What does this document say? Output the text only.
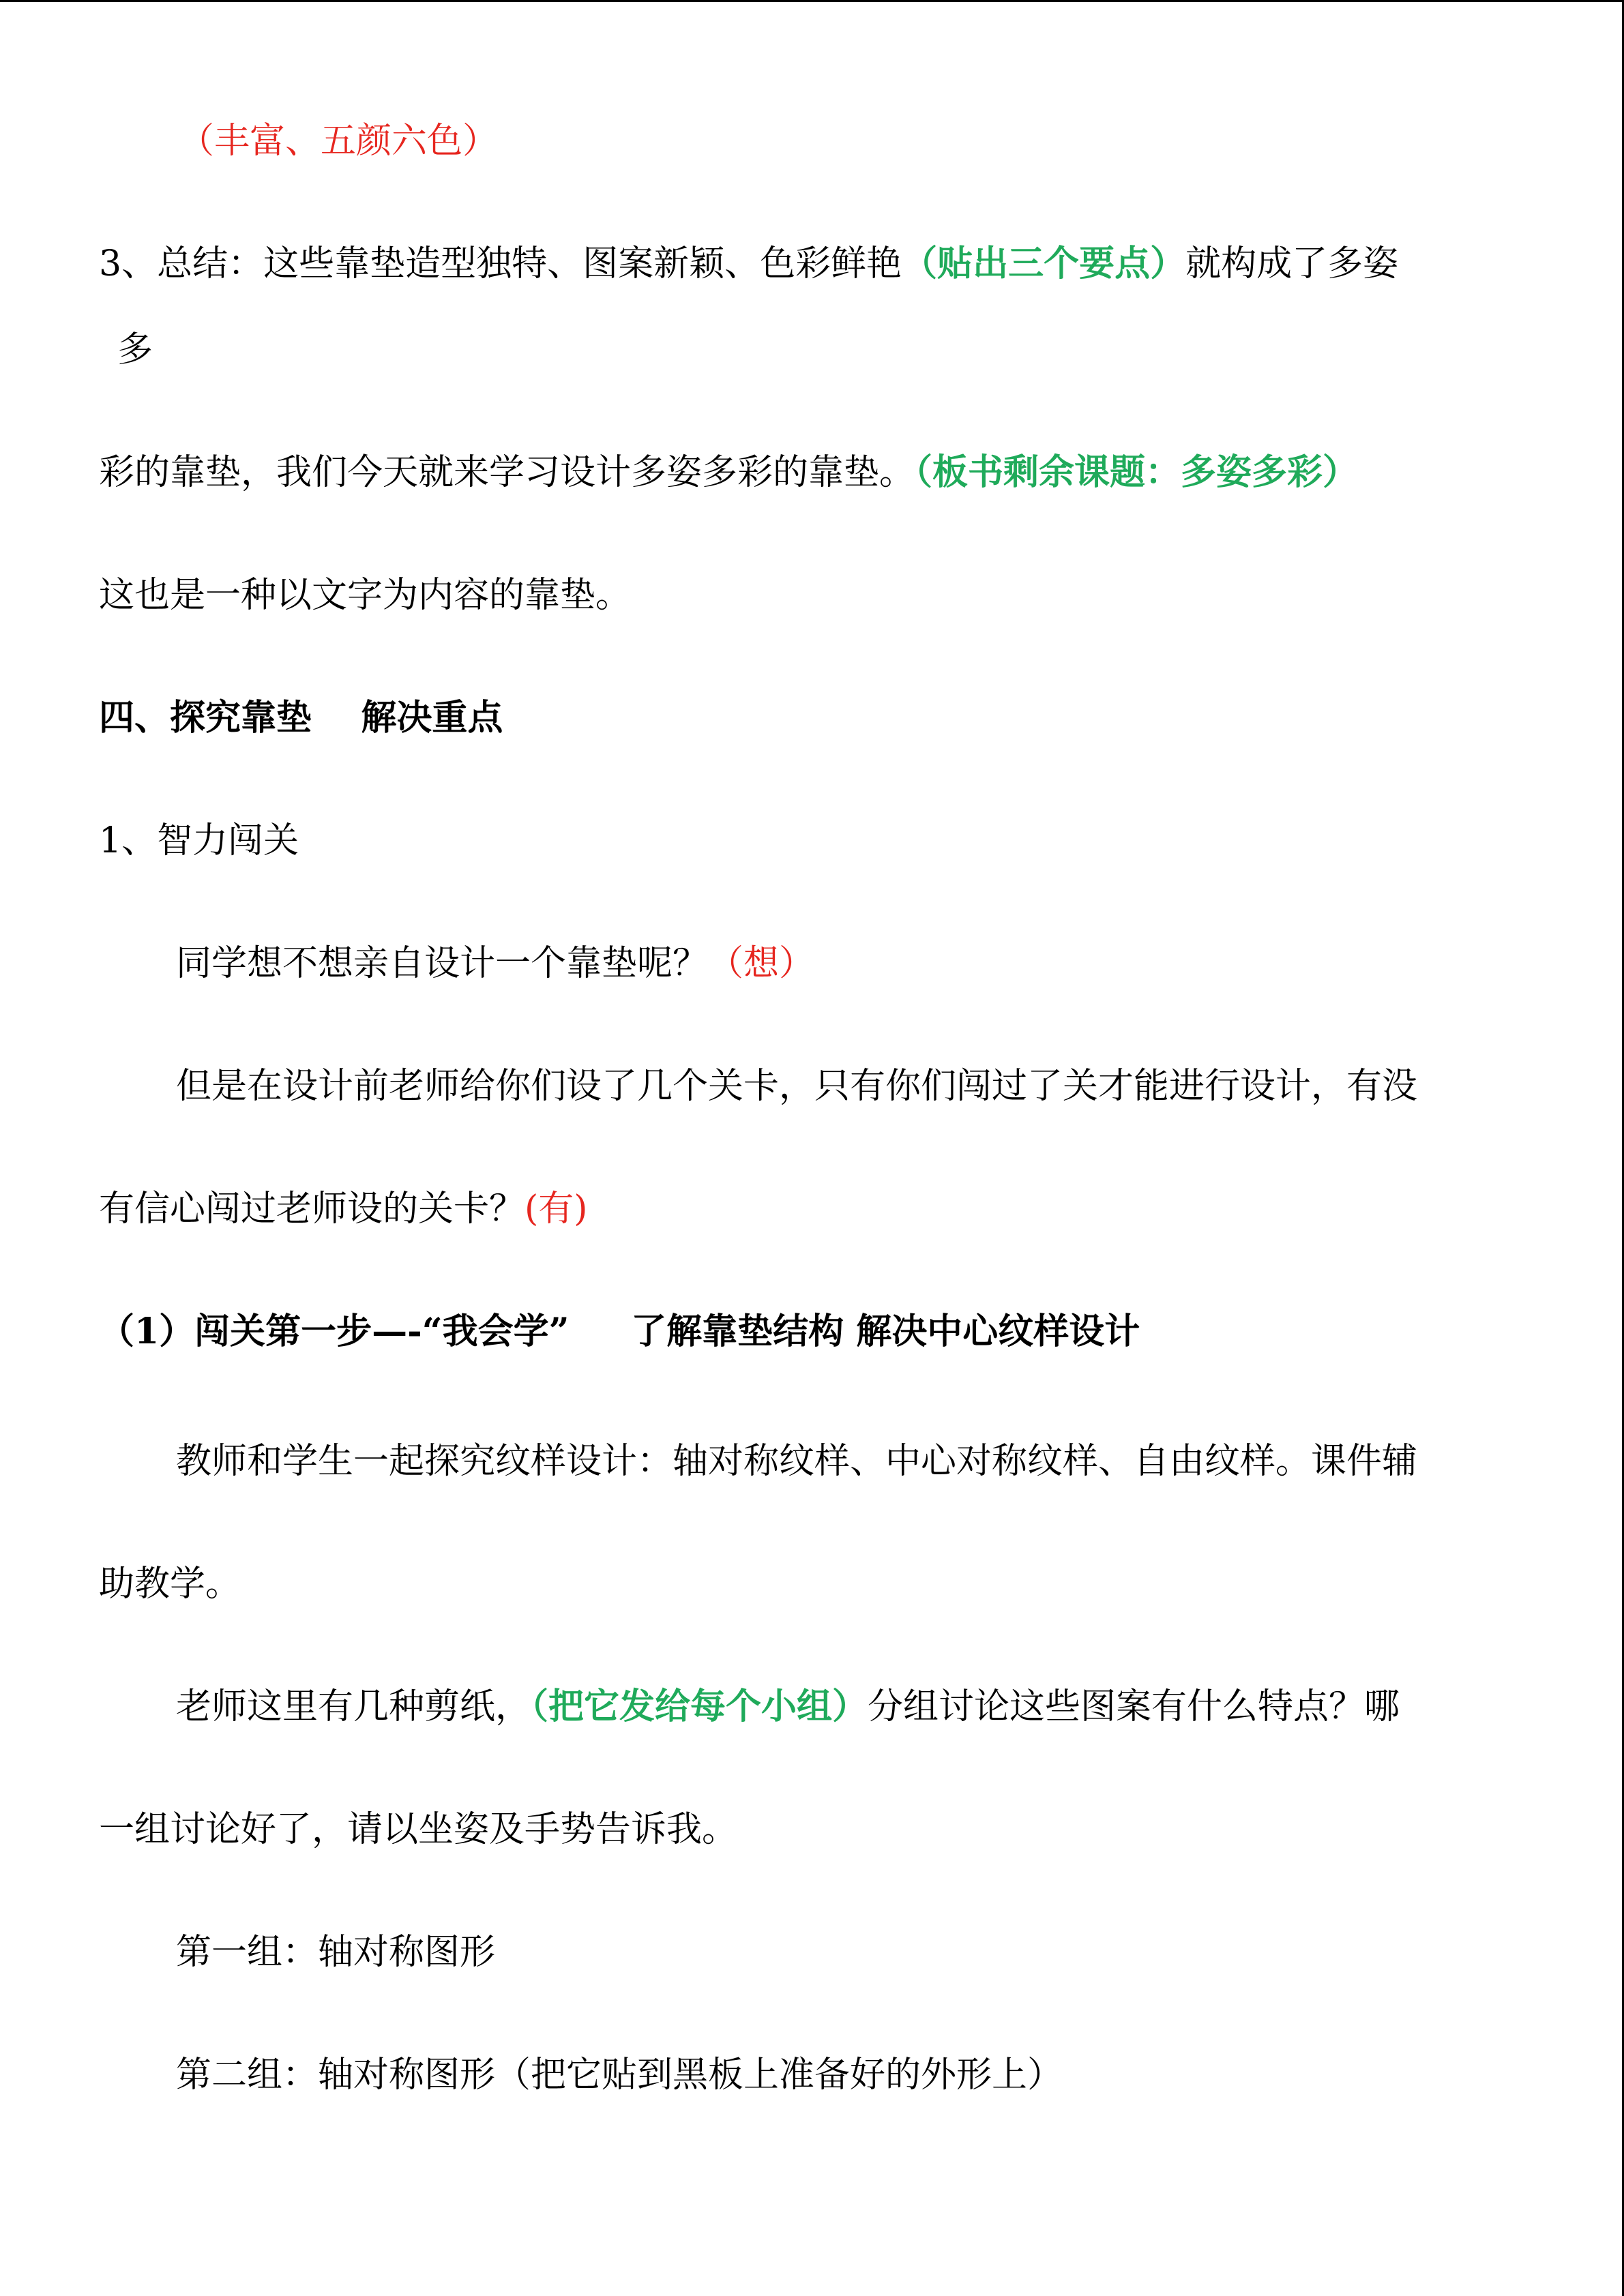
（丰富、五颜六色）
3、总结：这些靠垫造型独特、图案新颖、色彩鲜艳（贴出三个要点）就构成了多姿
多
彩的靠垫，我们今天就来学习设计多姿多彩的靠垫。（板书剩余课题：多姿多彩）
这也是一种以文字为内容的靠垫。
四、探究靠垫    解决重点
1、智力闯关
同学想不想亲自设计一个靠垫呢？（想）
但是在设计前老师给你们设了几个关卡，只有你们闯过了关才能进行设计，有没
有信心闯过老师设的关卡？(有)
（1）闯关第一步—-“我会学”     了解靠垫结构 解决中心纹样设计
教师和学生一起探究纹样设计：轴对称纹样、中心对称纹样、自由纹样。课件辅
助教学。
老师这里有几种剪纸，（把它发给每个小组）分组讨论这些图案有什么特点？哪
一组讨论好了，请以坐姿及手势告诉我。
第一组：轴对称图形
第二组：轴对称图形（把它贴到黑板上准备好的外形上）
